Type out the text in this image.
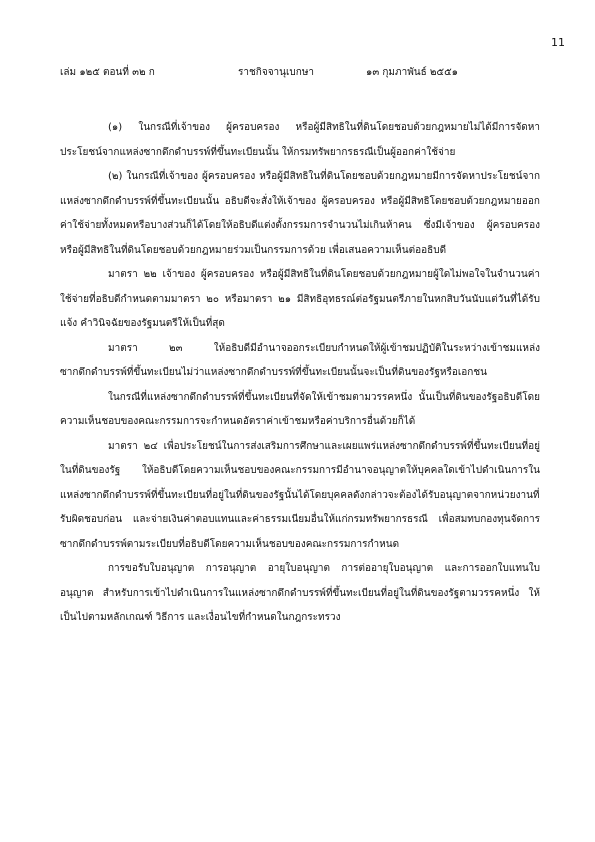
11
เล่ม ๑๒๕ ตอนที่ ๓๒ ก	ราชกิจจานุเบกษา	๑๓ กุมภาพันธ์ ๒๕๕๑

(๑) ในกรณีที่เจ้าของ ผู้ครอบครอง หรือผู้มีสิทธิในที่ดินโดยชอบด้วยกฎหมายไม่ได้มีการจัดหาประโยชน์จากแหล่งซากดึกดำบรรพ์ที่ขึ้นทะเบียนนั้น ให้กรมทรัพยากรธรณีเป็นผู้ออกค่าใช้จ่าย

(๒) ในกรณีที่เจ้าของ ผู้ครอบครอง หรือผู้มีสิทธิในที่ดินโดยชอบด้วยกฎหมายมีการจัดหาประโยชน์จากแหล่งซากดึกดำบรรพ์ที่ขึ้นทะเบียนนั้น อธิบดีจะสั่งให้เจ้าของ ผู้ครอบครอง หรือผู้มีสิทธิโดยชอบด้วยกฎหมายออกค่าใช้จ่ายทั้งหมดหรือบางส่วนก็ได้โดยให้อธิบดีแต่งตั้งกรรมการจำนวนไม่เกินห้าคน ซึ่งมีเจ้าของ ผู้ครอบครอง หรือผู้มีสิทธิในที่ดินโดยชอบด้วยกฎหมายร่วมเป็นกรรมการด้วย เพื่อเสนอความเห็นต่ออธิบดี

มาตรา ๒๒ เจ้าของ ผู้ครอบครอง หรือผู้มีสิทธิในที่ดินโดยชอบด้วยกฎหมายผู้ใดไม่พอใจในจำนวนค่าใช้จ่ายที่อธิบดีกำหนดตามมาตรา ๒๐ หรือมาตรา ๒๑ มีสิทธิอุทธรณ์ต่อรัฐมนตรีภายในหกสิบวันนับแต่วันที่ได้รับแจ้ง คำวินิจฉัยของรัฐมนตรีให้เป็นที่สุด

มาตรา ๒๓ ให้อธิบดีมีอำนาจออกระเบียบกำหนดให้ผู้เข้าชมปฏิบัติในระหว่างเข้าชมแหล่งซากดึกดำบรรพ์ที่ขึ้นทะเบียนไม่ว่าแหล่งซากดึกดำบรรพ์ที่ขึ้นทะเบียนนั้นจะเป็นที่ดินของรัฐหรือเอกชน

ในกรณีที่แหล่งซากดึกดำบรรพ์ที่ขึ้นทะเบียนที่จัดให้เข้าชมตามวรรคหนึ่ง นั้นเป็นที่ดินของรัฐอธิบดีโดยความเห็นชอบของคณะกรรมการจะกำหนดอัตราค่าเข้าชมหรือค่าบริการอื่นด้วยก็ได้

มาตรา ๒๔ เพื่อประโยชน์ในการส่งเสริมการศึกษาและเผยแพร่แหล่งซากดึกดำบรรพ์ที่ขึ้นทะเบียนที่อยู่ในที่ดินของรัฐ ให้อธิบดีโดยความเห็นชอบของคณะกรรมการมีอำนาจอนุญาตให้บุคคลใดเข้าไปดำเนินการในแหล่งซากดึกดำบรรพ์ที่ขึ้นทะเบียนที่อยู่ในที่ดินของรัฐนั้นได้โดยบุคคลดังกล่าวจะต้องได้รับอนุญาตจากหน่วยงานที่รับผิดชอบก่อน และจ่ายเงินค่าตอบแทนและค่าธรรมเนียมอื่นให้แก่กรมทรัพยากรธรณี เพื่อสมทบกองทุนจัดการซากดึกดำบรรพ์ตามระเบียบที่อธิบดีโดยความเห็นชอบของคณะกรรมการกำหนด

การขอรับใบอนุญาต การอนุญาต อายุใบอนุญาต การต่ออายุใบอนุญาต และการออกใบแทนใบอนุญาต สำหรับการเข้าไปดำเนินการในแหล่งซากดึกดำบรรพ์ที่ขึ้นทะเบียนที่อยู่ในที่ดินของรัฐตามวรรคหนึ่ง ให้เป็นไปตามหลักเกณฑ์ วิธีการ และเงื่อนไขที่กำหนดในกฎกระทรวง
